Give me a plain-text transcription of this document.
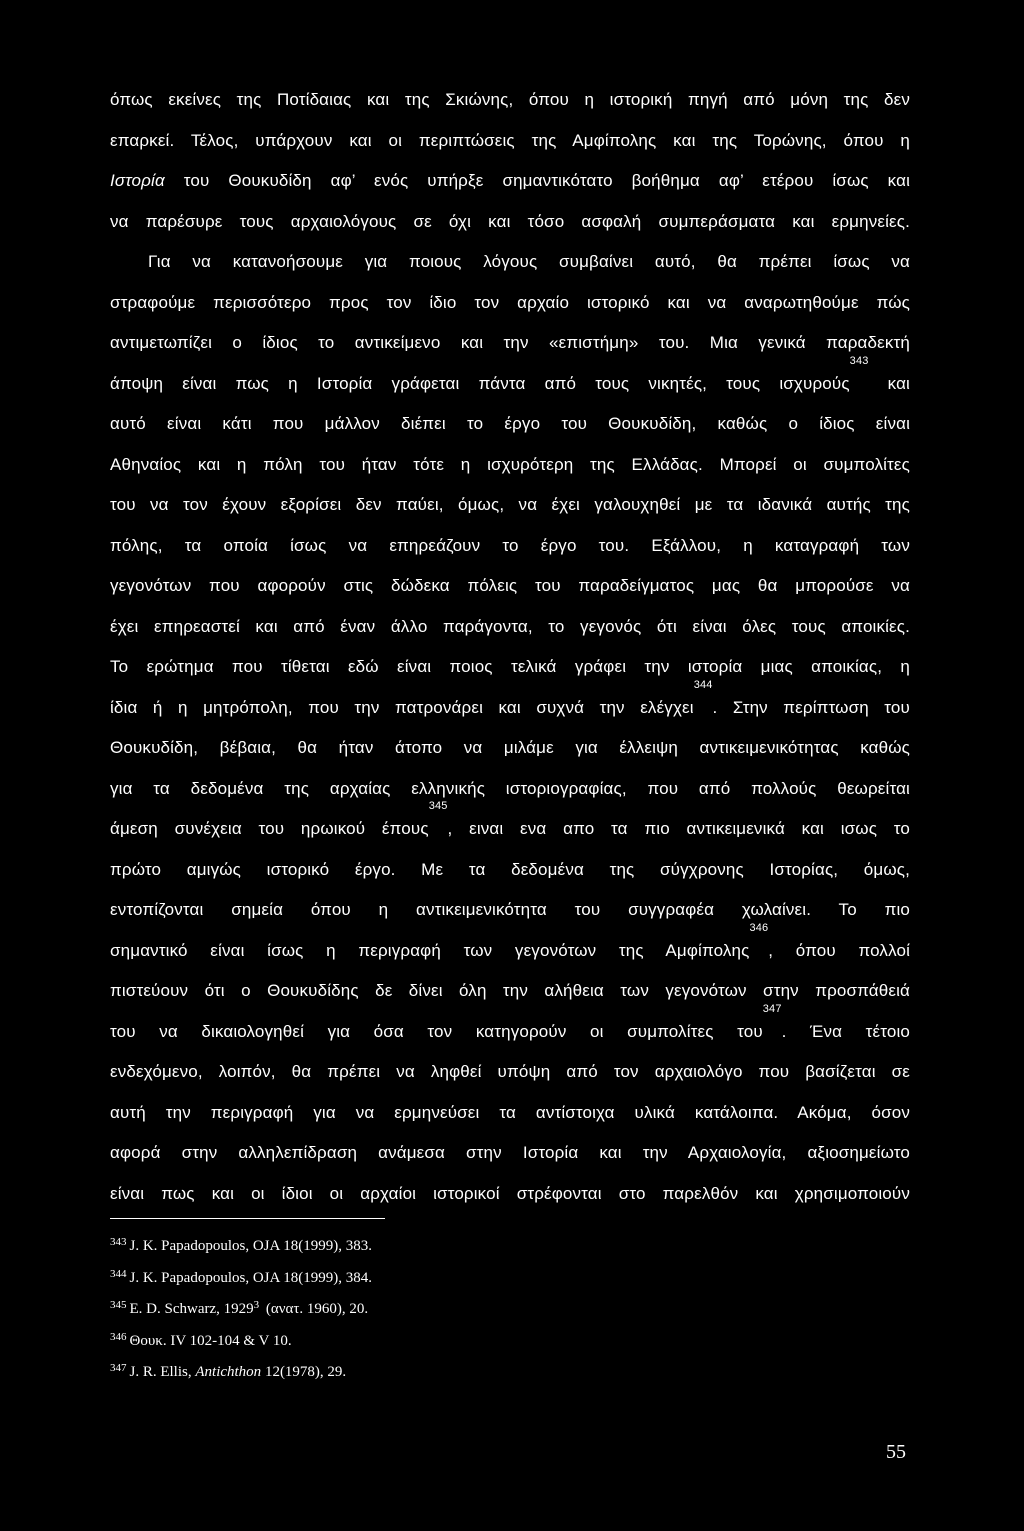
όπως εκείνες της Ποτίδαιας και της Σκιώνης, όπου η ιστορική πηγή από μόνη της δεν
επαρκεί. Τέλος, υπάρχουν και οι περιπτώσεις της Αμφίπολης και της Τορώνης, όπου η
Ιστορία του Θουκυδίδη αφ’ ενός υπήρξε σημαντικότατο βοήθημα αφ’ ετέρου ίσως και
να παρέσυρε τους αρχαιολόγους σε όχι και τόσο ασφαλή συμπεράσματα και ερμηνείες.
Για να κατανοήσουμε για ποιους λόγους συμβαίνει αυτό, θα πρέπει ίσως να
στραφούμε περισσότερο προς τον ίδιο τον αρχαίο ιστορικό και να αναρωτηθούμε πώς
αντιμετωπίζει ο ίδιος το αντικείμενο και την «επιστήμη» του. Μια γενικά παραδεκτή
άποψη είναι πως η Ιστορία γράφεται πάντα από τους νικητές, τους ισχυρούς$^{343}$ και
αυτό είναι κάτι που μάλλον διέπει το έργο του Θουκυδίδη, καθώς ο ίδιος είναι
Αθηναίος και η πόλη του ήταν τότε η ισχυρότερη της Ελλάδας. Μπορεί οι συμπολίτες
του να τον έχουν εξορίσει δεν παύει, όμως, να έχει γαλουχηθεί με τα ιδανικά αυτής της
πόλης, τα οποία ίσως να επηρεάζουν το έργο του. Εξάλλου, η καταγραφή των
γεγονότων που αφορούν στις δώδεκα πόλεις του παραδείγματος μας θα μπορούσε να
έχει επηρεαστεί και από έναν άλλο παράγοντα, το γεγονός ότι είναι όλες τους αποικίες.
Το ερώτημα που τίθεται εδώ είναι ποιος τελικά γράφει την ιστορία μιας αποικίας, η
ίδια ή η μητρόπολη, που την πατρονάρει και συχνά την ελέγχει$^{344}$. Στην περίπτωση του
Θουκυδίδη, βέβαια, θα ήταν άτοπο να μιλάμε για έλλειψη αντικειμενικότητας καθώς
για τα δεδομένα της αρχαίας ελληνικής ιστοριογραφίας, που από πολλούς θεωρείται
άμεση συνέχεια του ηρωικού έπους$^{345}$, ειναι ενα απο τα πιο αντικειμενικά και ισως το
πρώτο αμιγώς ιστορικό έργο. Με τα δεδομένα της σύγχρονης Ιστορίας, όμως,
εντοπίζονται σημεία όπου η αντικειμενικότητα του συγγραφέα χωλαίνει. Το πιο
σημαντικό είναι ίσως η περιγραφή των γεγονότων της Αμφίπολης$^{346}$, όπου πολλοί
πιστεύουν ότι ο Θουκυδίδης δε δίνει όλη την αλήθεια των γεγονότων στην προσπάθειά
του να δικαιολογηθεί για όσα τον κατηγορούν οι συμπολίτες του$^{347}$. Ένα τέτοιο
ενδεχόμενο, λοιπόν, θα πρέπει να ληφθεί υπόψη από τον αρχαιολόγο που βασίζεται σε
αυτή την περιγραφή για να ερμηνεύσει τα αντίστοιχα υλικά κατάλοιπα. Ακόμα, όσον
αφορά στην αλληλεπίδραση ανάμεσα στην Ιστορία και την Αρχαιολογία, αξιοσημείωτο
είναι πως και οι ίδιοι οι αρχαίοι ιστορικοί στρέφονται στο παρελθόν και χρησιμοποιούν
$^{343}$ J. K. Papadopoulos, OJA 18(1999), 383.
$^{344}$ J. K. Papadopoulos, OJA 18(1999), 384.
$^{345}$ E. D. Schwarz, 1929$^3$ (ανατ. 1960), 20.
$^{346}$ Θουκ. IV 102-104 & V 10.
$^{347}$ J. R. Ellis, Antichthon 12(1978), 29.
55
